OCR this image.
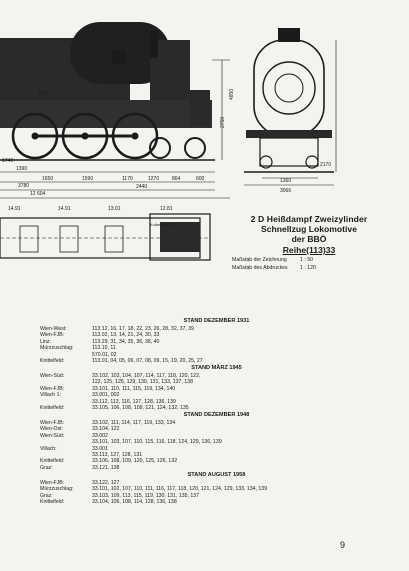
5200
1650	1590	1170	1270	864	600
1390
3780
12 604
2440
1740
2750
4850
2170
1360
3066
14.91	14.91	13.01	12.81
Kolbenhub 720
2 D Heißdampf Zweizylinder
Schnellzug Lokomotive
der BBÖ
Reihe(113)33
Maßstab der Zeichnung	1 : 50
Maßstab des Abdruckes	1 : 120
STAND DEZEMBER 1931
Wien-West:	113.12, 16, 17, 18, 22, 23, 26, 28, 32, 37, 39
Wien-FJB:	113.02, 13, 14, 21, 24, 30, 33
Linz:	113.29, 31, 34, 35, 36, 38, 40
Mürzzuschlag:	113.10, 11
570.01, 02
Knittelfeld:	113.01, 04, 05, 06, 07, 08, 09, 15, 19, 20, 25, 27
STAND MÄRZ 1945
Wien-Süd:	33.102, 103, 104, 107, 114, 117, 118, 120, 122,
122, 125, 126, 129, 130, 131, 133, 137, 138
Wien-FJB:	33.101, 110, 111, 115, 119, 134, 140
Villach 1:	33.001, 002
33.112, 113, 116, 127, 128, 136, 139
Knittelfeld:	33.105, 106, 108, 109, 121, 124, 132, 135
STAND DEZEMBER 1948
Wien-FJB:	33.102, 111, 114, 117, 119, 133, 134
Wien-Ost:	33.104, 122
Wien-Süd:	33.002
33.101, 103, 107, 110, 115, 116, 118, 124, 129, 136, 139
Villach:	33.001
33.113, 127, 128, 131
Knittelfeld:	33.106, 108, 109, 120, 125, 126, 132
Graz:	33.121, 138
STAND AUGUST 1958
Wien-FJB:	33.122, 127
Mürzzuschlag:	33.101, 102, 107, 110, 111, 116, 117, 118, 120, 121, 124, 129, 133, 134, 139
Graz:	33.103, 109, 113, 115, 119, 130, 131, 135, 137
Knittelfeld:	33.104, 106, 108, 114, 128, 136, 138
9
